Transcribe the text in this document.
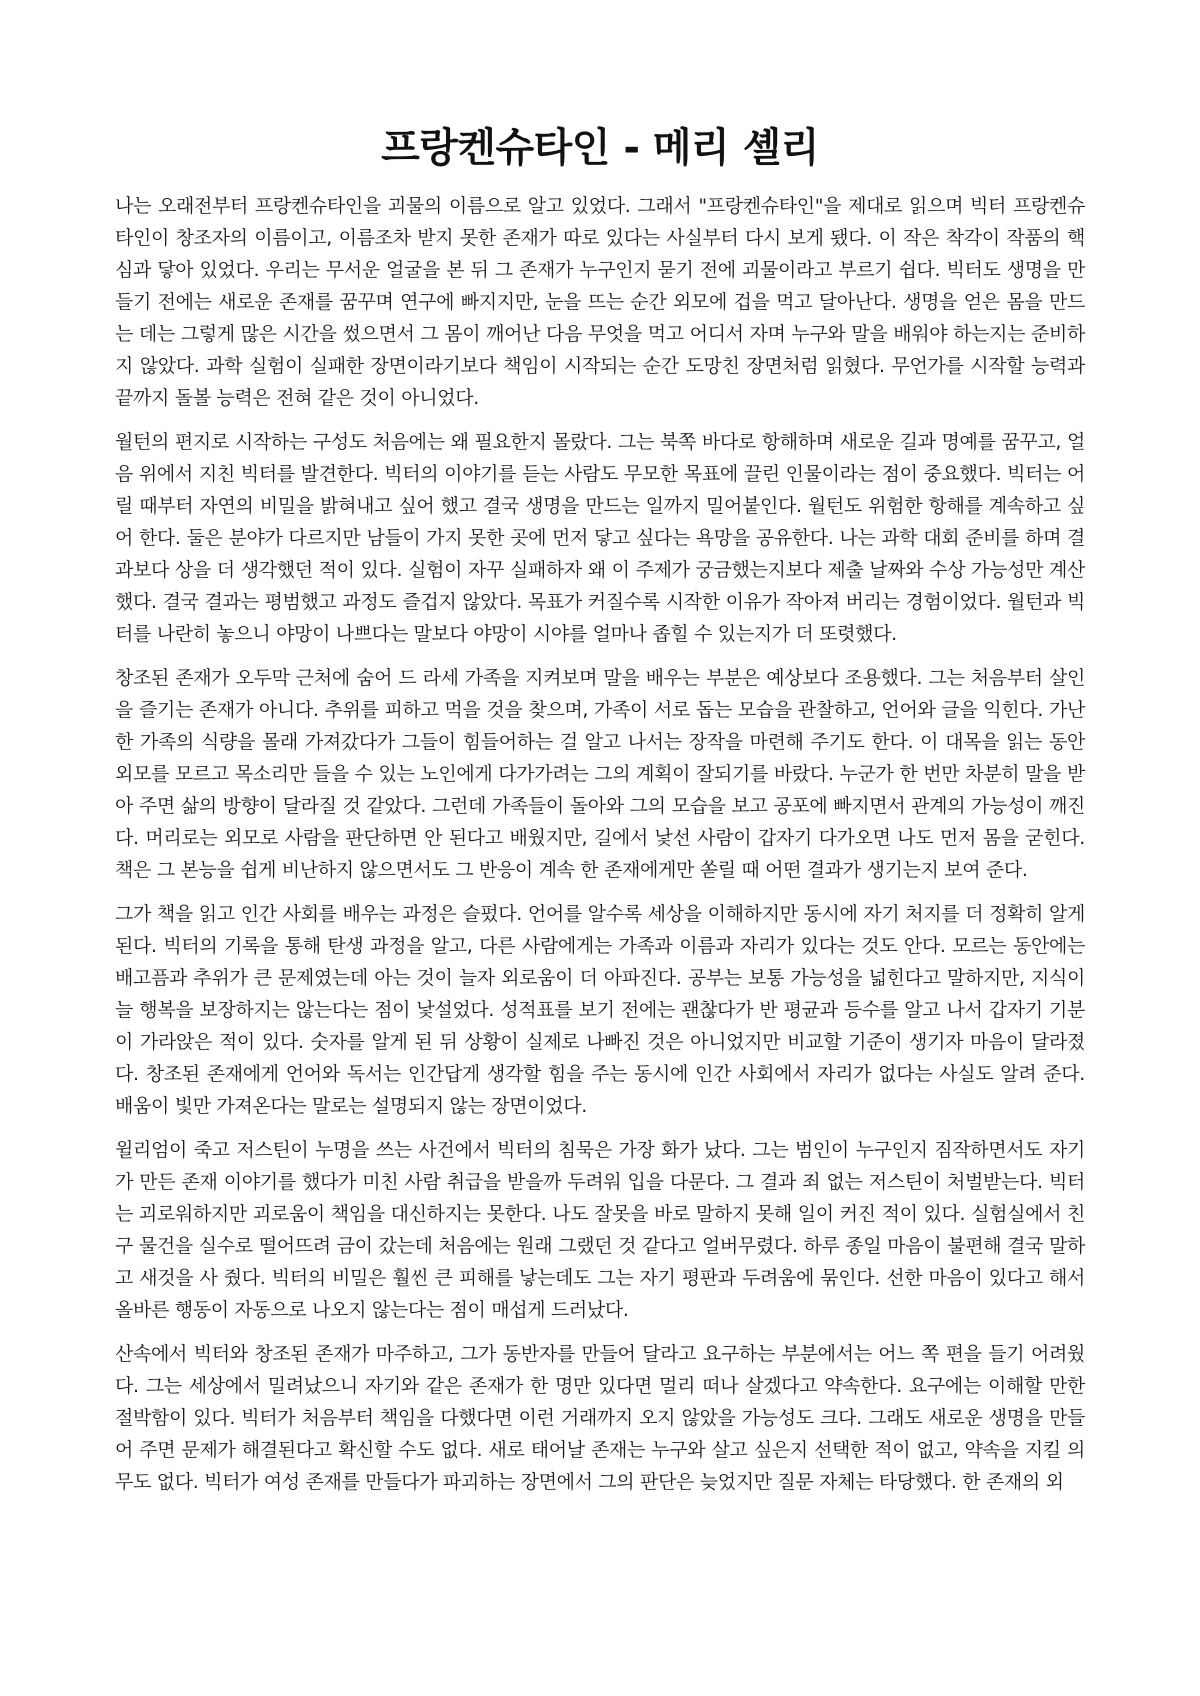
프랑켄슈타인 - 메리 셸리

나는 오래전부터 프랑켄슈타인을 괴물의 이름으로 알고 있었다. 그래서 "프랑켄슈타인"을 제대로 읽으며 빅터 프랑켄슈타인이 창조자의 이름이고, 이름조차 받지 못한 존재가 따로 있다는 사실부터 다시 보게 됐다. 이 작은 착각이 작품의 핵심과 닿아 있었다. 우리는 무서운 얼굴을 본 뒤 그 존재가 누구인지 묻기 전에 괴물이라고 부르기 쉽다. 빅터도 생명을 만들기 전에는 새로운 존재를 꿈꾸며 연구에 빠지지만, 눈을 뜨는 순간 외모에 겁을 먹고 달아난다. 생명을 얻은 몸을 만드는 데는 그렇게 많은 시간을 썼으면서 그 몸이 깨어난 다음 무엇을 먹고 어디서 자며 누구와 말을 배워야 하는지는 준비하지 않았다. 과학 실험이 실패한 장면이라기보다 책임이 시작되는 순간 도망친 장면처럼 읽혔다. 무언가를 시작할 능력과 끝까지 돌볼 능력은 전혀 같은 것이 아니었다.

월턴의 편지로 시작하는 구성도 처음에는 왜 필요한지 몰랐다. 그는 북쪽 바다로 항해하며 새로운 길과 명예를 꿈꾸고, 얼음 위에서 지친 빅터를 발견한다. 빅터의 이야기를 듣는 사람도 무모한 목표에 끌린 인물이라는 점이 중요했다. 빅터는 어릴 때부터 자연의 비밀을 밝혀내고 싶어 했고 결국 생명을 만드는 일까지 밀어붙인다. 월턴도 위험한 항해를 계속하고 싶어 한다. 둘은 분야가 다르지만 남들이 가지 못한 곳에 먼저 닿고 싶다는 욕망을 공유한다. 나는 과학 대회 준비를 하며 결과보다 상을 더 생각했던 적이 있다. 실험이 자꾸 실패하자 왜 이 주제가 궁금했는지보다 제출 날짜와 수상 가능성만 계산했다. 결국 결과는 평범했고 과정도 즐겁지 않았다. 목표가 커질수록 시작한 이유가 작아져 버리는 경험이었다. 월턴과 빅터를 나란히 놓으니 야망이 나쁘다는 말보다 야망이 시야를 얼마나 좁힐 수 있는지가 더 또렷했다.

창조된 존재가 오두막 근처에 숨어 드 라세 가족을 지켜보며 말을 배우는 부분은 예상보다 조용했다. 그는 처음부터 살인을 즐기는 존재가 아니다. 추위를 피하고 먹을 것을 찾으며, 가족이 서로 돕는 모습을 관찰하고, 언어와 글을 익힌다. 가난한 가족의 식량을 몰래 가져갔다가 그들이 힘들어하는 걸 알고 나서는 장작을 마련해 주기도 한다. 이 대목을 읽는 동안 외모를 모르고 목소리만 들을 수 있는 노인에게 다가가려는 그의 계획이 잘되기를 바랐다. 누군가 한 번만 차분히 말을 받아 주면 삶의 방향이 달라질 것 같았다. 그런데 가족들이 돌아와 그의 모습을 보고 공포에 빠지면서 관계의 가능성이 깨진다. 머리로는 외모로 사람을 판단하면 안 된다고 배웠지만, 길에서 낯선 사람이 갑자기 다가오면 나도 먼저 몸을 굳힌다. 책은 그 본능을 쉽게 비난하지 않으면서도 그 반응이 계속 한 존재에게만 쏟릴 때 어떤 결과가 생기는지 보여 준다.

그가 책을 읽고 인간 사회를 배우는 과정은 슬펐다. 언어를 알수록 세상을 이해하지만 동시에 자기 처지를 더 정확히 알게 된다. 빅터의 기록을 통해 탄생 과정을 알고, 다른 사람에게는 가족과 이름과 자리가 있다는 것도 안다. 모르는 동안에는 배고픔과 추위가 큰 문제였는데 아는 것이 늘자 외로움이 더 아파진다. 공부는 보통 가능성을 넓힌다고 말하지만, 지식이 늘 행복을 보장하지는 않는다는 점이 낯설었다. 성적표를 보기 전에는 괜찮다가 반 평균과 등수를 알고 나서 갑자기 기분이 가라앉은 적이 있다. 숫자를 알게 된 뒤 상황이 실제로 나빠진 것은 아니었지만 비교할 기준이 생기자 마음이 달라졌다. 창조된 존재에게 언어와 독서는 인간답게 생각할 힘을 주는 동시에 인간 사회에서 자리가 없다는 사실도 알려 준다. 배움이 빛만 가져온다는 말로는 설명되지 않는 장면이었다.

윌리엄이 죽고 저스틴이 누명을 쓰는 사건에서 빅터의 침묵은 가장 화가 났다. 그는 범인이 누구인지 짐작하면서도 자기가 만든 존재 이야기를 했다가 미친 사람 취급을 받을까 두려워 입을 다문다. 그 결과 죄 없는 저스틴이 처벌받는다. 빅터는 괴로워하지만 괴로움이 책임을 대신하지는 못한다. 나도 잘못을 바로 말하지 못해 일이 커진 적이 있다. 실험실에서 친구 물건을 실수로 떨어뜨려 금이 갔는데 처음에는 원래 그랬던 것 같다고 얼버무렸다. 하루 종일 마음이 불편해 결국 말하고 새것을 사 줬다. 빅터의 비밀은 훨씬 큰 피해를 낳는데도 그는 자기 평판과 두려움에 묶인다. 선한 마음이 있다고 해서 올바른 행동이 자동으로 나오지 않는다는 점이 매섭게 드러났다.

산속에서 빅터와 창조된 존재가 마주하고, 그가 동반자를 만들어 달라고 요구하는 부분에서는 어느 쪽 편을 들기 어려웠다. 그는 세상에서 밀려났으니 자기와 같은 존재가 한 명만 있다면 멀리 떠나 살겠다고 약속한다. 요구에는 이해할 만한 절박함이 있다. 빅터가 처음부터 책임을 다했다면 이런 거래까지 오지 않았을 가능성도 크다. 그래도 새로운 생명을 만들어 주면 문제가 해결된다고 확신할 수도 없다. 새로 태어날 존재는 누구와 살고 싶은지 선택한 적이 없고, 약속을 지킬 의무도 없다. 빅터가 여성 존재를 만들다가 파괴하는 장면에서 그의 판단은 늦었지만 질문 자체는 타당했다. 한 존재의 외
